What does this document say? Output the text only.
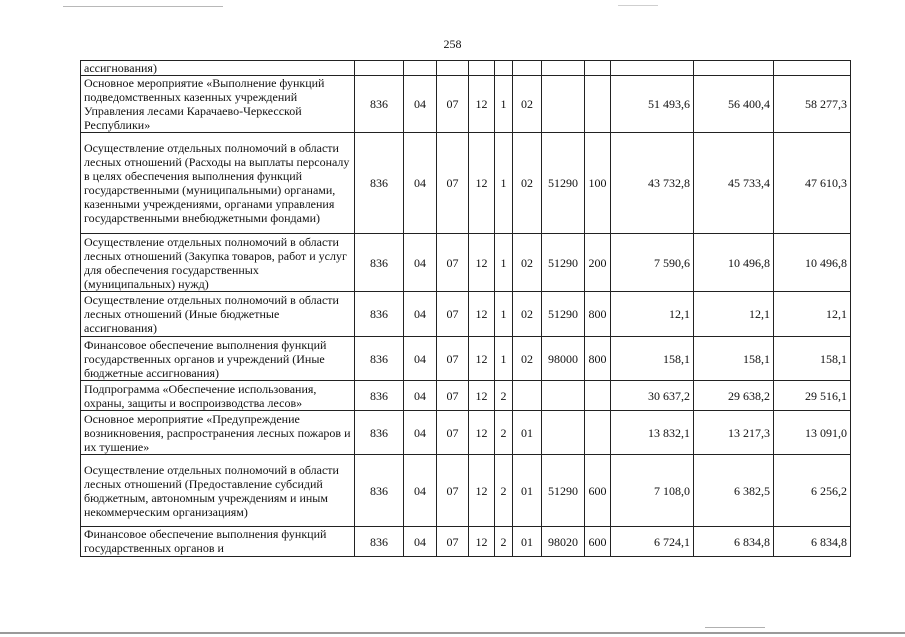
258
ассигнования)											
Основное мероприятие «Выполнение функций подведомственных казенных учреждений Управления лесами Карачаево-Черкесской Республики»	836	04	07	12	1	02			51 493,6	56 400,4	58 277,3
Осуществление отдельных полномочий в области лесных отношений (Расходы на выплаты персоналу в целях обеспечения выполнения функций государственными (муниципальными) органами, казенными учреждениями, органами управления государственными внебюджетными фондами)	836	04	07	12	1	02	51290	100	43 732,8	45 733,4	47 610,3
Осуществление отдельных полномочий в области лесных отношений (Закупка товаров, работ и услуг для обеспечения государственных (муниципальных) нужд)	836	04	07	12	1	02	51290	200	7 590,6	10 496,8	10 496,8
Осуществление отдельных полномочий в области лесных отношений (Иные бюджетные ассигнования)	836	04	07	12	1	02	51290	800	12,1	12,1	12,1
Финансовое обеспечение выполнения функций государственных органов и учреждений (Иные бюджетные ассигнования)	836	04	07	12	1	02	98000	800	158,1	158,1	158,1
Подпрограмма «Обеспечение использования, охраны, защиты и воспроизводства лесов»	836	04	07	12	2				30 637,2	29 638,2	29 516,1
Основное мероприятие «Предупреждение возникновения, распространения лесных пожаров и их тушение»	836	04	07	12	2	01			13 832,1	13 217,3	13 091,0
Осуществление отдельных полномочий в области лесных отношений (Предоставление субсидий бюджетным, автономным учреждениям и иным некоммерческим организациям)	836	04	07	12	2	01	51290	600	7 108,0	6 382,5	6 256,2
Финансовое обеспечение выполнения функций государственных органов и	836	04	07	12	2	01	98020	600	6 724,1	6 834,8	6 834,8
